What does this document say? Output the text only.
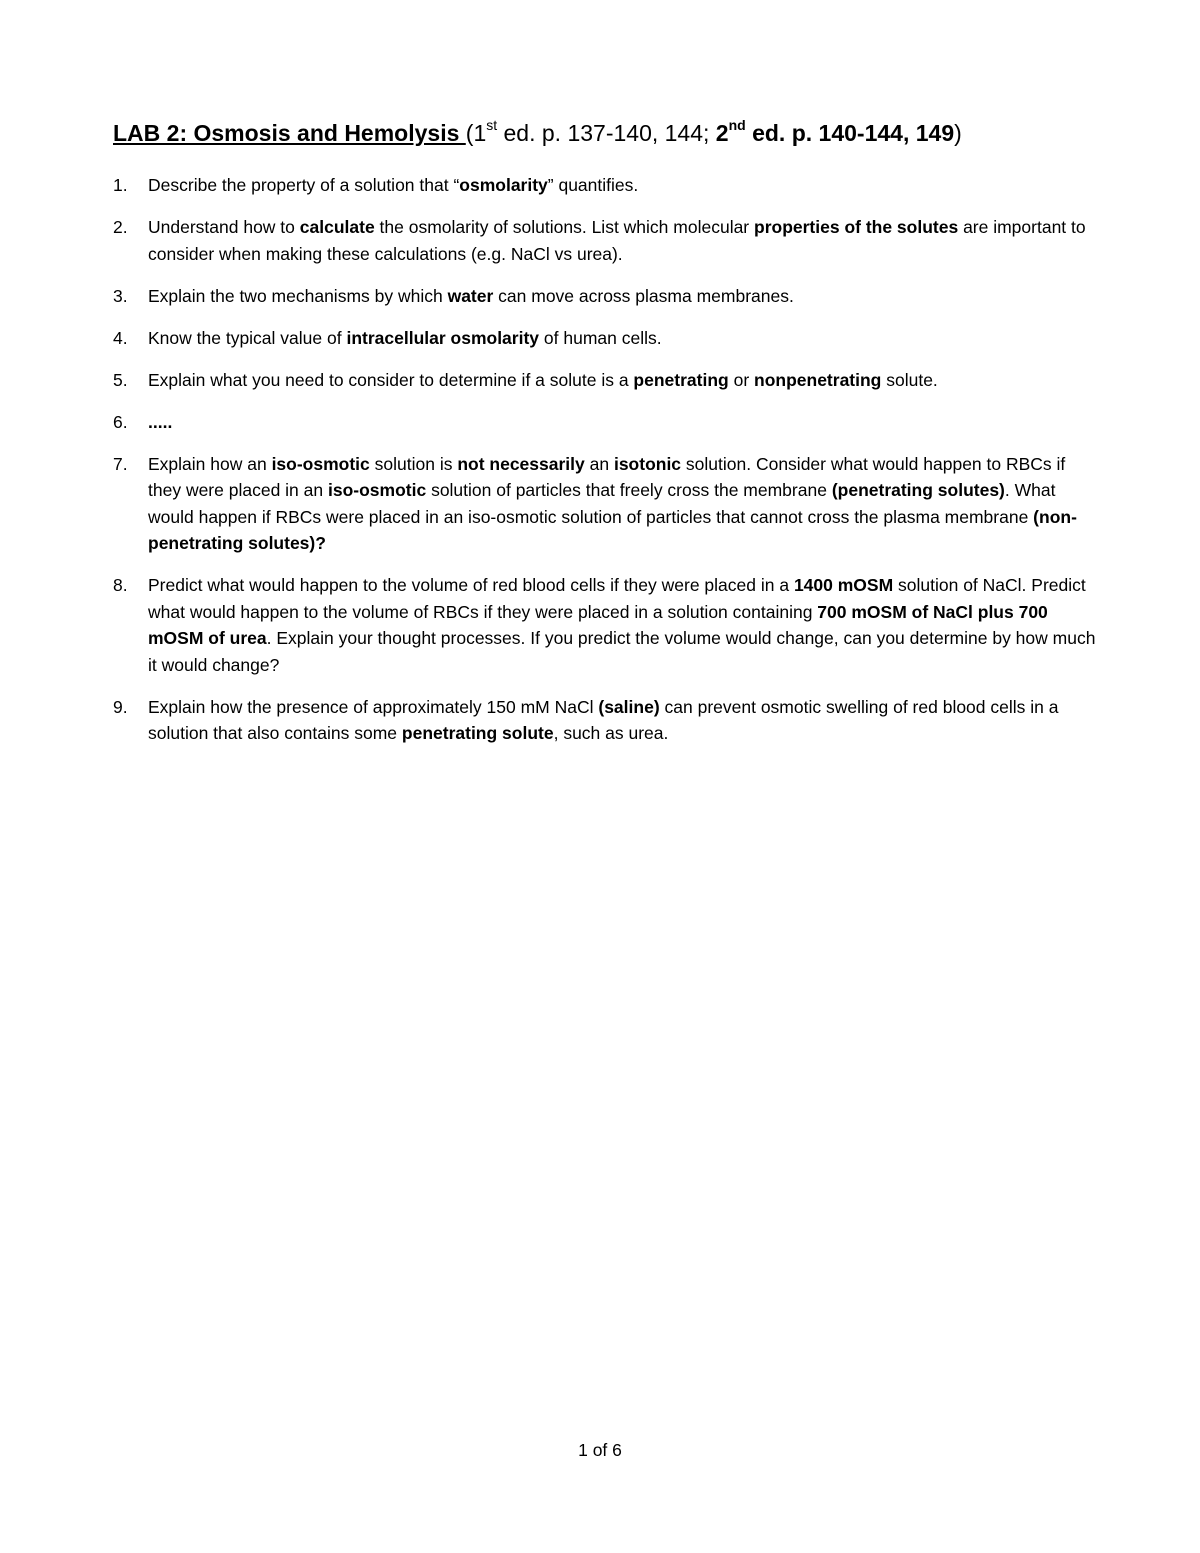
LAB 2: Osmosis and Hemolysis (1st ed. p. 137-140, 144; 2nd ed. p. 140-144, 149)
1. Describe the property of a solution that “osmolarity” quantifies.
2. Understand how to calculate the osmolarity of solutions. List which molecular properties of the solutes are important to consider when making these calculations (e.g. NaCl vs urea).
3. Explain the two mechanisms by which water can move across plasma membranes.
4. Know the typical value of intracellular osmolarity of human cells.
5. Explain what you need to consider to determine if a solute is a penetrating or nonpenetrating solute.
6. .....
7. Explain how an iso-osmotic solution is not necessarily an isotonic solution. Consider what would happen to RBCs if they were placed in an iso-osmotic solution of particles that freely cross the membrane (penetrating solutes). What would happen if RBCs were placed in an iso-osmotic solution of particles that cannot cross the plasma membrane (non-penetrating solutes)?
8. Predict what would happen to the volume of red blood cells if they were placed in a 1400 mOSM solution of NaCl. Predict what would happen to the volume of RBCs if they were placed in a solution containing 700 mOSM of NaCl plus 700 mOSM of urea. Explain your thought processes. If you predict the volume would change, can you determine by how much it would change?
9. Explain how the presence of approximately 150 mM NaCl (saline) can prevent osmotic swelling of red blood cells in a solution that also contains some penetrating solute, such as urea.
1 of 6
